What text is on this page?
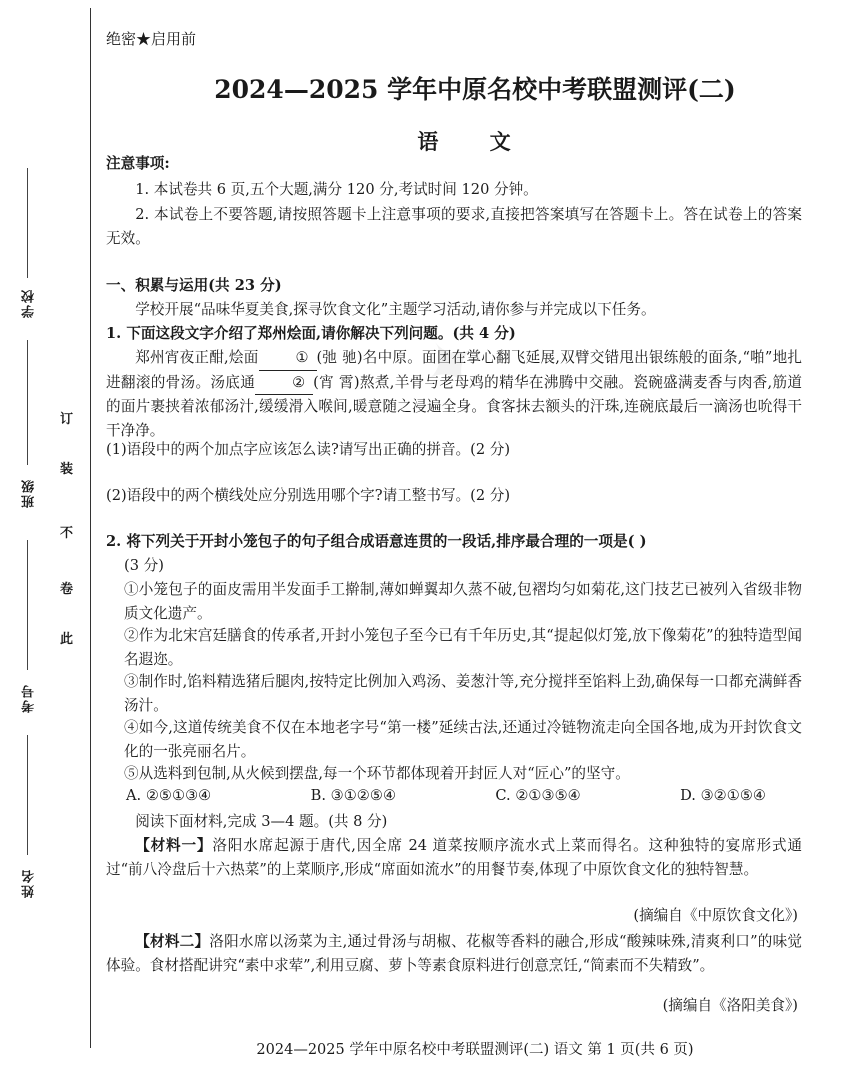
学校
班级
考号
姓名
订
装
不
卷
此
✦
绝密★启用前
2024—2025 学年中原名校中考联盟测评(二)
语 文
注意事项:
1. 本试卷共 6 页,五个大题,满分 120 分,考试时间 120 分钟。
2. 本试卷上不要答题,请按照答题卡上注意事项的要求,直接把答案填写在答题卡上。答在试卷上的答案无效。
一、积累与运用(共 23 分)
学校开展“品味华夏美食,探寻饮食文化”主题学习活动,请你参与并完成以下任务。
1. 下面这段文字介绍了郑州烩面,请你解决下列问题。(共 4 分)
郑州宵夜正酣,烩面	① (弛 驰)名中原。面团在掌心翻飞延展,双臂交错甩出银练般的面条,“啪”地扎进翻滚的骨汤。汤底通	② (宵 霄)熬煮,羊骨与老母鸡的精华在沸腾中交融。瓷碗盛满麦香与肉香,筋道的面片裹挟着浓郁汤汁,缓缓滑入喉间,暖意随之浸遍全身。食客抹去额头的汗珠,连碗底最后一滴汤也吮得干干净净。
(1)语段中的两个加点字应该怎么读?请写出正确的拼音。(2 分)
(2)语段中的两个横线处应分别选用哪个字?请工整书写。(2 分)
2. 将下列关于开封小笼包子的句子组合成语意连贯的一段话,排序最合理的一项是( )
(3 分)
①小笼包子的面皮需用半发面手工擀制,薄如蝉翼却久蒸不破,包褶均匀如菊花,这门技艺已被列入省级非物质文化遗产。
②作为北宋宫廷膳食的传承者,开封小笼包子至今已有千年历史,其“提起似灯笼,放下像菊花”的独特造型闻名遐迩。
③制作时,馅料精选猪后腿肉,按特定比例加入鸡汤、姜葱汁等,充分搅拌至馅料上劲,确保每一口都充满鲜香汤汁。
④如今,这道传统美食不仅在本地老字号“第一楼”延续古法,还通过冷链物流走向全国各地,成为开封饮食文化的一张亮丽名片。
⑤从选料到包制,从火候到摆盘,每一个环节都体现着开封匠人对“匠心”的坚守。
A. ②⑤①③④	B. ③①②⑤④	C. ②①③⑤④	D. ③②①⑤④
阅读下面材料,完成 3—4 题。(共 8 分)
【材料一】洛阳水席起源于唐代,因全席 24 道菜按顺序流水式上菜而得名。这种独特的宴席形式通过“前八冷盘后十六热菜”的上菜顺序,形成“席面如流水”的用餐节奏,体现了中原饮食文化的独特智慧。
(摘编自《中原饮食文化》)
【材料二】洛阳水席以汤菜为主,通过骨汤与胡椒、花椒等香料的融合,形成“酸辣味殊,清爽利口”的味觉体验。食材搭配讲究“素中求荤”,利用豆腐、萝卜等素食原料进行创意烹饪,“简素而不失精致”。
(摘编自《洛阳美食》)
2024—2025 学年中原名校中考联盟测评(二) 语文 第 1 页(共 6 页)
